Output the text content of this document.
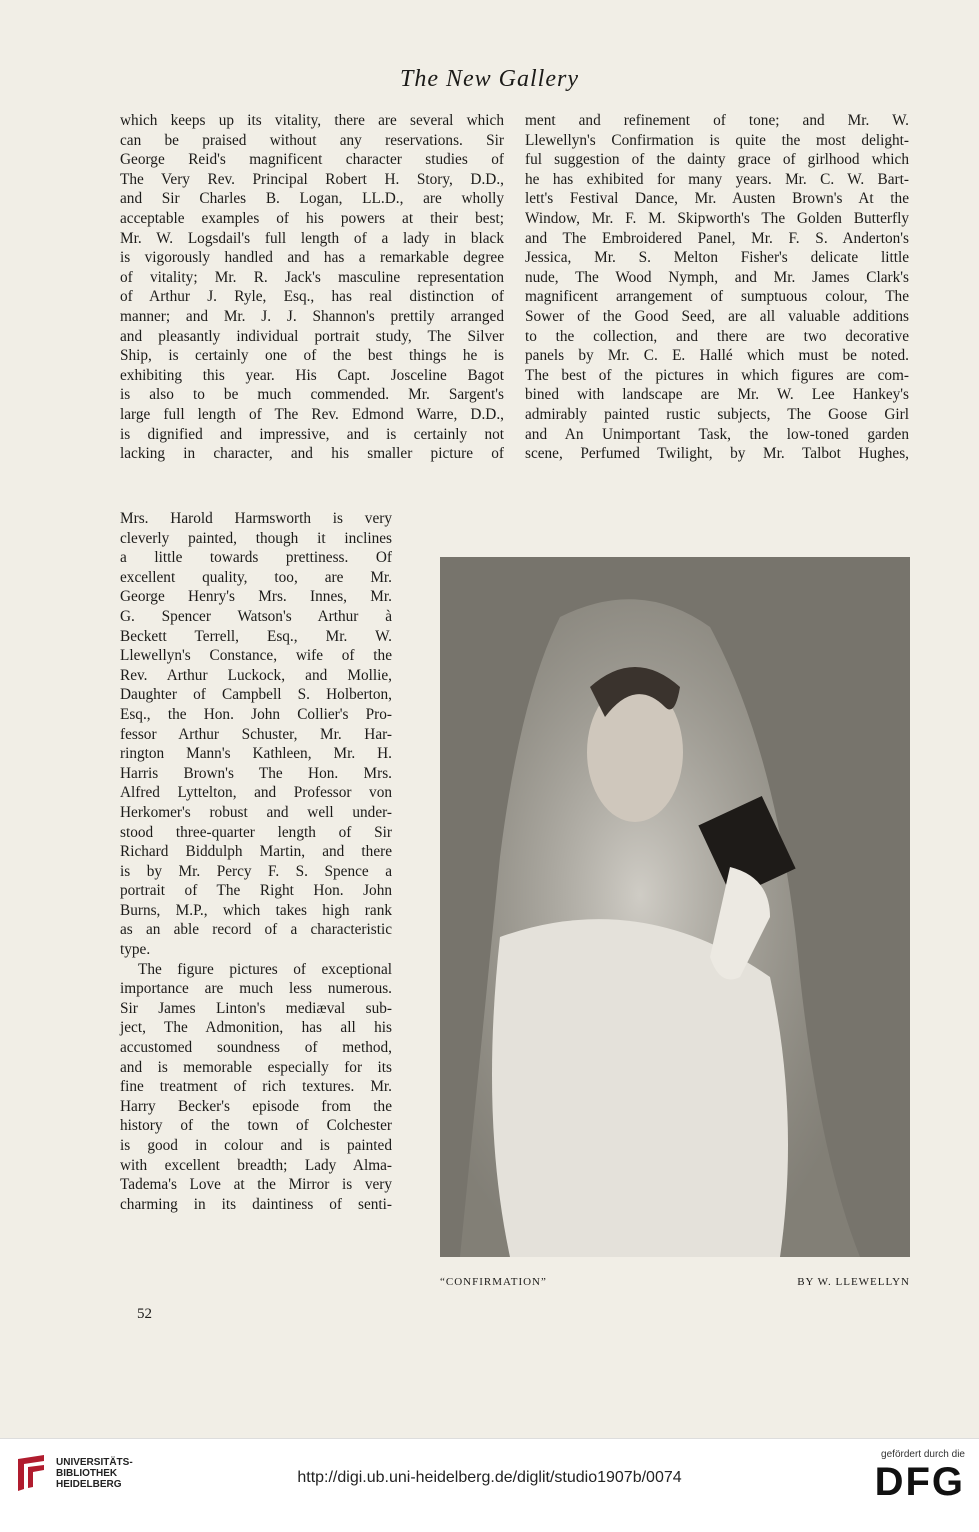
The New Gallery
which keeps up its vitality, there are several which
can be praised without any reservations. Sir
George Reid's magnificent character studies of
The Very Rev. Principal Robert H. Story, D.D.,
and Sir Charles B. Logan, LL.D., are wholly
acceptable examples of his powers at their best;
Mr. W. Logsdail's full length of a lady in black
is vigorously handled and has a remarkable degree
of vitality; Mr. R. Jack's masculine representation
of Arthur J. Ryle, Esq., has real distinction of
manner; and Mr. J. J. Shannon's prettily arranged
and pleasantly individual portrait study, The Silver
Ship, is certainly one of the best things he is
exhibiting this year. His Capt. Josceline Bagot
is also to be much commended. Mr. Sargent's
large full length of The Rev. Edmond Warre, D.D.,
is dignified and impressive, and is certainly not
lacking in character, and his smaller picture of
Mrs. Harold Harmsworth is very
cleverly painted, though it inclines
a little towards prettiness. Of
excellent quality, too, are Mr.
George Henry's Mrs. Innes, Mr.
G. Spencer Watson's Arthur à
Beckett Terrell, Esq., Mr. W.
Llewellyn's Constance, wife of the
Rev. Arthur Luckock, and Mollie,
Daughter of Campbell S. Holberton,
Esq., the Hon. John Collier's Pro-
fessor Arthur Schuster, Mr. Har-
rington Mann's Kathleen, Mr. H.
Harris Brown's The Hon. Mrs.
Alfred Lyttelton, and Professor von
Herkomer's robust and well under-
stood three-quarter length of Sir
Richard Biddulph Martin, and there
is by Mr. Percy F. S. Spence a
portrait of The Right Hon. John
Burns, M.P., which takes high rank
as an able record of a characteristic
type.
The figure pictures of exceptional
importance are much less numerous.
Sir James Linton's mediæval sub-
ject, The Admonition, has all his
accustomed soundness of method,
and is memorable especially for its
fine treatment of rich textures. Mr.
Harry Becker's episode from the
history of the town of Colchester
is good in colour and is painted
with excellent breadth; Lady Alma-
Tadema's Love at the Mirror is very
charming in its daintiness of senti-
ment and refinement of tone; and Mr. W.
Llewellyn's Confirmation is quite the most delight-
ful suggestion of the dainty grace of girlhood which
he has exhibited for many years. Mr. C. W. Bart-
lett's Festival Dance, Mr. Austen Brown's At the
Window, Mr. F. M. Skipworth's The Golden Butterfly
and The Embroidered Panel, Mr. F. S. Anderton's
Jessica, Mr. S. Melton Fisher's delicate little
nude, The Wood Nymph, and Mr. James Clark's
magnificent arrangement of sumptuous colour, The
Sower of the Good Seed, are all valuable additions
to the collection, and there are two decorative
panels by Mr. C. E. Hallé which must be noted.
The best of the pictures in which figures are com-
bined with landscape are Mr. W. Lee Hankey's
admirably painted rustic subjects, The Goose Girl
and An Unimportant Task, the low-toned garden
scene, Perfumed Twilight, by Mr. Talbot Hughes,
“CONFIRMATION”	BY W. LLEWELLYN
52
UNIVERSITÄTS-
BIBLIOTHEK
HEIDELBERG	http://digi.ub.uni-heidelberg.de/diglit/studio1907b/0074
gefördert durch die
DFG
